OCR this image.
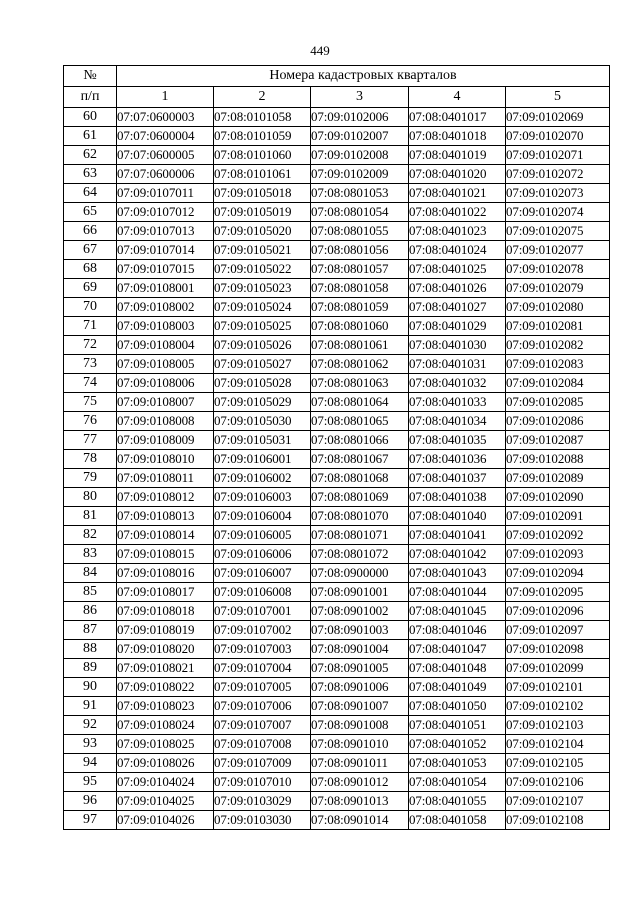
449
№	Номера кадастровых кварталов				
п/п	1	2	3	4	5
60	07:07:0600003	07:08:0101058	07:09:0102006	07:08:0401017	07:09:0102069
61	07:07:0600004	07:08:0101059	07:09:0102007	07:08:0401018	07:09:0102070
62	07:07:0600005	07:08:0101060	07:09:0102008	07:08:0401019	07:09:0102071
63	07:07:0600006	07:08:0101061	07:09:0102009	07:08:0401020	07:09:0102072
64	07:09:0107011	07:09:0105018	07:08:0801053	07:08:0401021	07:09:0102073
65	07:09:0107012	07:09:0105019	07:08:0801054	07:08:0401022	07:09:0102074
66	07:09:0107013	07:09:0105020	07:08:0801055	07:08:0401023	07:09:0102075
67	07:09:0107014	07:09:0105021	07:08:0801056	07:08:0401024	07:09:0102077
68	07:09:0107015	07:09:0105022	07:08:0801057	07:08:0401025	07:09:0102078
69	07:09:0108001	07:09:0105023	07:08:0801058	07:08:0401026	07:09:0102079
70	07:09:0108002	07:09:0105024	07:08:0801059	07:08:0401027	07:09:0102080
71	07:09:0108003	07:09:0105025	07:08:0801060	07:08:0401029	07:09:0102081
72	07:09:0108004	07:09:0105026	07:08:0801061	07:08:0401030	07:09:0102082
73	07:09:0108005	07:09:0105027	07:08:0801062	07:08:0401031	07:09:0102083
74	07:09:0108006	07:09:0105028	07:08:0801063	07:08:0401032	07:09:0102084
75	07:09:0108007	07:09:0105029	07:08:0801064	07:08:0401033	07:09:0102085
76	07:09:0108008	07:09:0105030	07:08:0801065	07:08:0401034	07:09:0102086
77	07:09:0108009	07:09:0105031	07:08:0801066	07:08:0401035	07:09:0102087
78	07:09:0108010	07:09:0106001	07:08:0801067	07:08:0401036	07:09:0102088
79	07:09:0108011	07:09:0106002	07:08:0801068	07:08:0401037	07:09:0102089
80	07:09:0108012	07:09:0106003	07:08:0801069	07:08:0401038	07:09:0102090
81	07:09:0108013	07:09:0106004	07:08:0801070	07:08:0401040	07:09:0102091
82	07:09:0108014	07:09:0106005	07:08:0801071	07:08:0401041	07:09:0102092
83	07:09:0108015	07:09:0106006	07:08:0801072	07:08:0401042	07:09:0102093
84	07:09:0108016	07:09:0106007	07:08:0900000	07:08:0401043	07:09:0102094
85	07:09:0108017	07:09:0106008	07:08:0901001	07:08:0401044	07:09:0102095
86	07:09:0108018	07:09:0107001	07:08:0901002	07:08:0401045	07:09:0102096
87	07:09:0108019	07:09:0107002	07:08:0901003	07:08:0401046	07:09:0102097
88	07:09:0108020	07:09:0107003	07:08:0901004	07:08:0401047	07:09:0102098
89	07:09:0108021	07:09:0107004	07:08:0901005	07:08:0401048	07:09:0102099
90	07:09:0108022	07:09:0107005	07:08:0901006	07:08:0401049	07:09:0102101
91	07:09:0108023	07:09:0107006	07:08:0901007	07:08:0401050	07:09:0102102
92	07:09:0108024	07:09:0107007	07:08:0901008	07:08:0401051	07:09:0102103
93	07:09:0108025	07:09:0107008	07:08:0901010	07:08:0401052	07:09:0102104
94	07:09:0108026	07:09:0107009	07:08:0901011	07:08:0401053	07:09:0102105
95	07:09:0104024	07:09:0107010	07:08:0901012	07:08:0401054	07:09:0102106
96	07:09:0104025	07:09:0103029	07:08:0901013	07:08:0401055	07:09:0102107
97	07:09:0104026	07:09:0103030	07:08:0901014	07:08:0401058	07:09:0102108
